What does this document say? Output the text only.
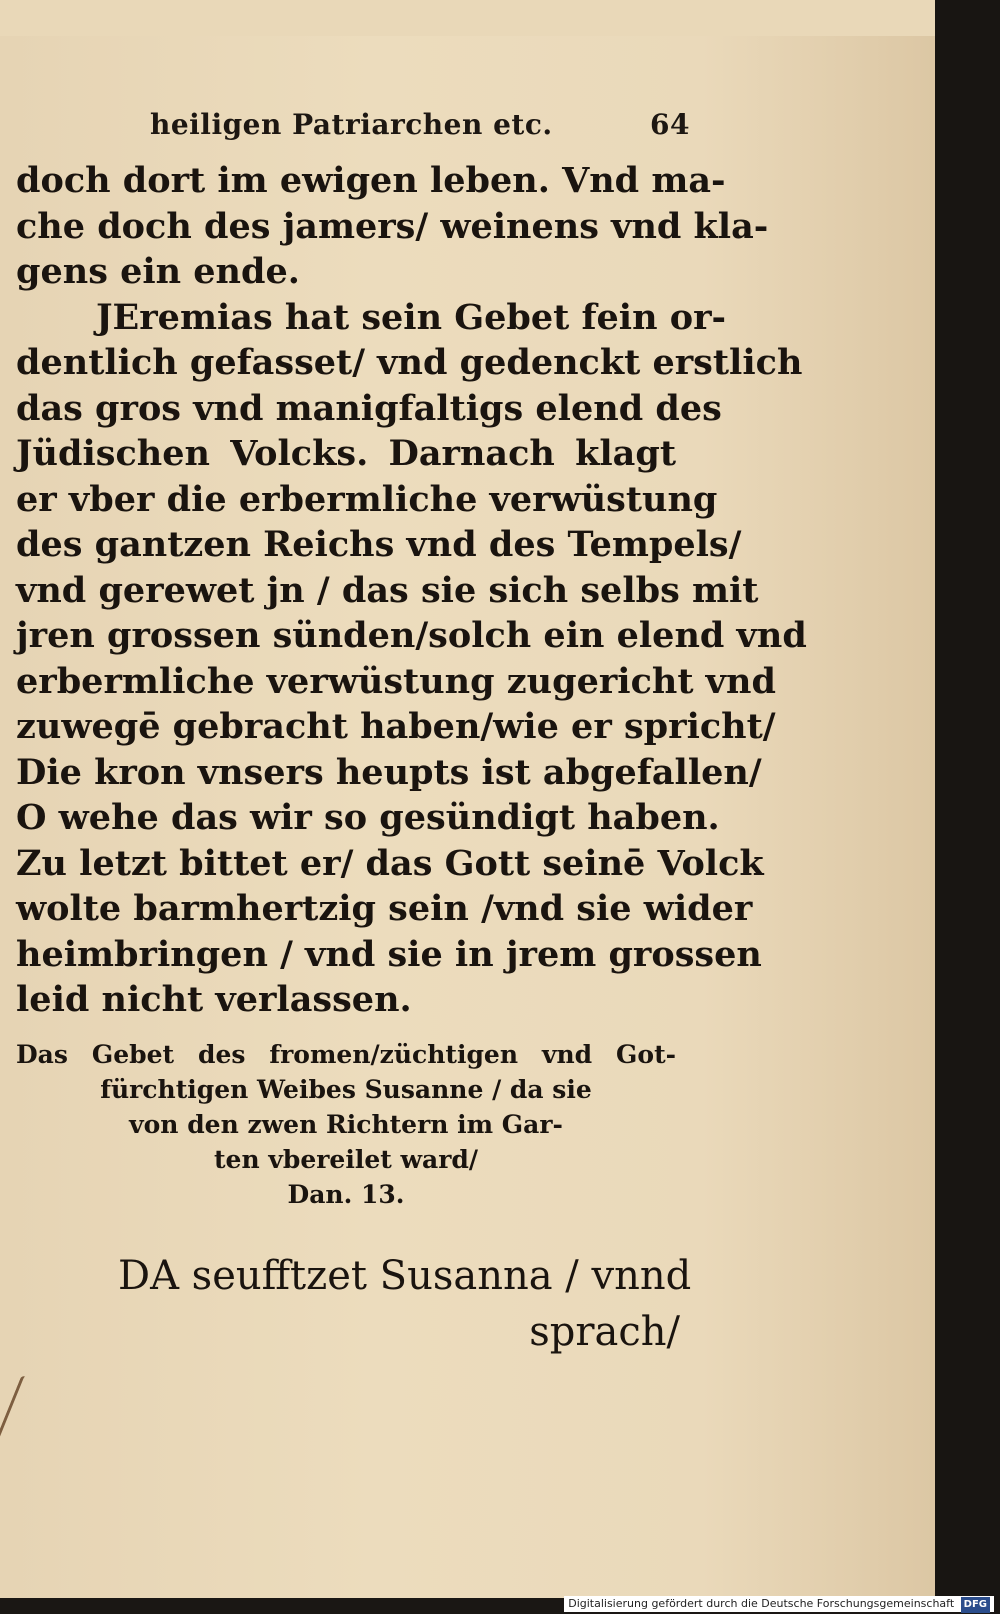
heiligen Patriarchen etc.	64
doch dort im ewigen leben. Vnd ma-
che doch des jamers/ weinens vnd kla-
gens ein ende.
JEremias hat sein Gebet fein or-
dentlich gefasset/ vnd gedenckt erstlich
das gros vnd manigfaltigs elend des
Jüdischen Volcks. Darnach klagt
er vber die erbermliche verwüstung
des gantzen Reichs vnd des Tempels/
vnd gerewet jn / das sie sich selbs mit
jren grossen sünden/solch ein elend vnd
erbermliche verwüstung zugericht vnd
zuwegē gebracht haben/wie er spricht/
Die kron vnsers heupts ist abgefallen/
O wehe das wir so gesündigt haben.
Zu letzt bittet er/ das Gott seinē Volck
wolte barmhertzig sein /vnd sie wider
heimbringen / vnd sie in jrem grossen
leid nicht verlassen.
Das Gebet des fromen/züchtigen vnd Got-
fürchtigen Weibes Susanne / da sie
von den zwen Richtern im Gar-
ten vbereilet ward/
Dan. 13.
DA seufftzet Susanna / vnnd
sprach/
Digitalisierung gefördert durch die Deutsche Forschungsgemeinschaft DFG
